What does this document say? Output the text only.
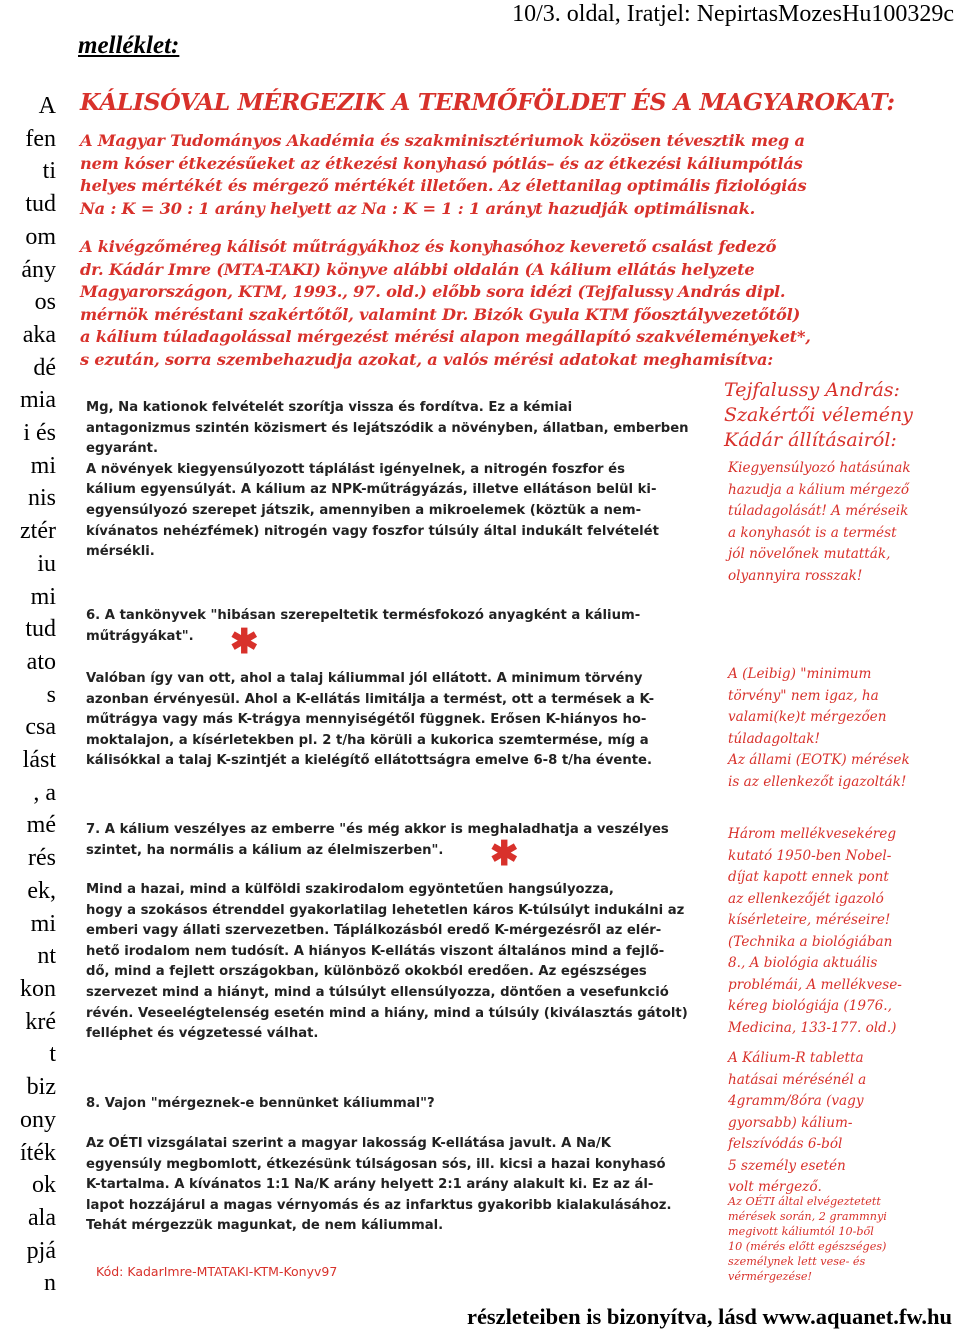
10/3. oldal, Iratjel: NepirtasMozesHu100329c
melléklet:
A
fen
ti
tud
om
ány
os
aka
dé
mia
i és
mi
nis
ztér
iu
mi
tud
ato
s
csa
lást
, a
mé
rés
ek,
mi
nt
kon
kré
t
biz
ony
íték
ok
ala
pjá
n
KÁLISÓVAL MÉRGEZIK A TERMŐFÖLDET ÉS A MAGYAROKAT:
A Magyar Tudományos Akadémia és szakminisztériumok közösen tévesztik meg a
nem kóser étkezésűeket az étkezési konyhasó pótlás– és az étkezési káliumpótlás
helyes mértékét és mérgező mértékét illetően. Az élettanilag optimális fiziológiás
Na : K = 30 : 1 arány helyett az Na : K = 1 : 1 arányt hazudják optimálisnak.
A kivégzőméreg kálisót műtrágyákhoz és konyhasóhoz keverető csalást fedező
dr. Kádár Imre (MTA-TAKI) könyve alábbi oldalán (A kálium ellátás helyzete
Magyarországon, KTM, 1993., 97. old.) előbb sora idézi (Tejfalussy András dipl.
mérnök méréstani szakértőtől, valamint Dr. Bizók Gyula KTM főosztályvezetőtől)
a kálium túladagolással mérgezést mérési alapon megállapító szakvéleményeket*,
s ezután, sorra szembehazudja azokat, a valós mérési adatokat meghamisítva:
Tejfalussy András:
Szakértői vélemény
Kádár állításairól:
Mg, Na kationok felvételét szorítja vissza és fordítva. Ez a kémiai
antagonizmus szintén közismert és lejátszódik a növényben, állatban, emberben
egyaránt.
A növények kiegyensúlyozott táplálást igényelnek, a nitrogén foszfor és
kálium egyensúlyát. A kálium az NPK-műtrágyázás, illetve ellátáson belül ki-
egyensúlyozó szerepet játszik, amennyiben a mikroelemek (köztük a nem-
kívánatos nehézfémek) nitrogén vagy foszfor túlsúly által indukált felvételét
mérsékli.
6. A tankönyvek "hibásan szerepeltetik termésfokozó anyagként a kálium-
műtrágyákat".
Valóban így van ott, ahol a talaj káliummal jól ellátott. A minimum törvény
azonban érvényesül. Ahol a K-ellátás limitálja a termést, ott a termések a K-
műtrágya vagy más K-trágya mennyiségétől függnek. Erősen K-hiányos ho-
moktalajon, a kísérletekben pl. 2 t/ha körüli a kukorica szemtermése, míg a
kálisókkal a talaj K-szintjét a kielégítő ellátottságra emelve 6-8 t/ha évente.
7. A kálium veszélyes az emberre "és még akkor is meghaladhatja a veszélyes
szintet, ha normális a kálium az élelmiszerben".
Mind a hazai, mind a külföldi szakirodalom egyöntetűen hangsúlyozza,
hogy a szokásos étrenddel gyakorlatilag lehetetlen káros K-túlsúlyt indukálni az
emberi vagy állati szervezetben. Táplálkozásból eredő K-mérgezésről az elér-
hető irodalom nem tudósít. A hiányos K-ellátás viszont általános mind a fejlő-
dő, mind a fejlett országokban, különböző okokból eredően. Az egészséges
szervezet mind a hiányt, mind a túlsúlyt ellensúlyozza, döntően a vesefunkció
révén. Veseelégtelenség esetén mind a hiány, mind a túlsúly (kiválasztás gátolt)
felléphet és végzetessé válhat.
8. Vajon "mérgeznek-e bennünket káliummal"?
Az OÉTI vizsgálatai szerint a magyar lakosság K-ellátása javult. A Na/K
egyensúly megbomlott, étkezésünk túlságosan sós, ill. kicsi a hazai konyhasó
K-tartalma. A kívánatos 1:1 Na/K arány helyett 2:1 arány alakult ki. Ez az ál-
lapot hozzájárul a magas vérnyomás és az infarktus gyakoribb kialakulásához.
Tehát mérgezzük magunkat, de nem káliummal.
Kiegyensúlyozó hatásúnak
hazudja a kálium mérgező
túladagolását! A méréseik
a konyhasót is a termést
jól növelőnek mutatták,
olyannyira rosszak!
A (Leibig) "minimum
törvény" nem igaz, ha
valami(ke)t mérgezően
túladagoltak!
Az állami (EOTK) mérések
is az ellenkezőt igazolták!
Három mellékvesekéreg
kutató 1950-ben Nobel-
díjat kapott ennek pont
az ellenkezőjét igazoló
kísérleteire, méréseire!
(Technika a biológiában
8., A biológia aktuális
problémái, A mellékvese-
kéreg biológiája (1976.,
Medicina, 133-177. old.)
A Kálium-R tabletta
hatásai mérésénél a
4gramm/8óra (vagy
gyorsabb) kálium-
felszívódás 6-ból
5 személy esetén
volt mérgező.
Az OÉTI által elvégeztetett
mérések során, 2 grammnyi
megivott káliumtól 10-ből
10 (mérés előtt egészséges)
személynek lett vese- és
vérmérgezése!
✱
✱
Kód: KadarImre-MTATAKI-KTM-Konyv97
részleteiben is bizonyítva, lásd www.aquanet.fw.hu
